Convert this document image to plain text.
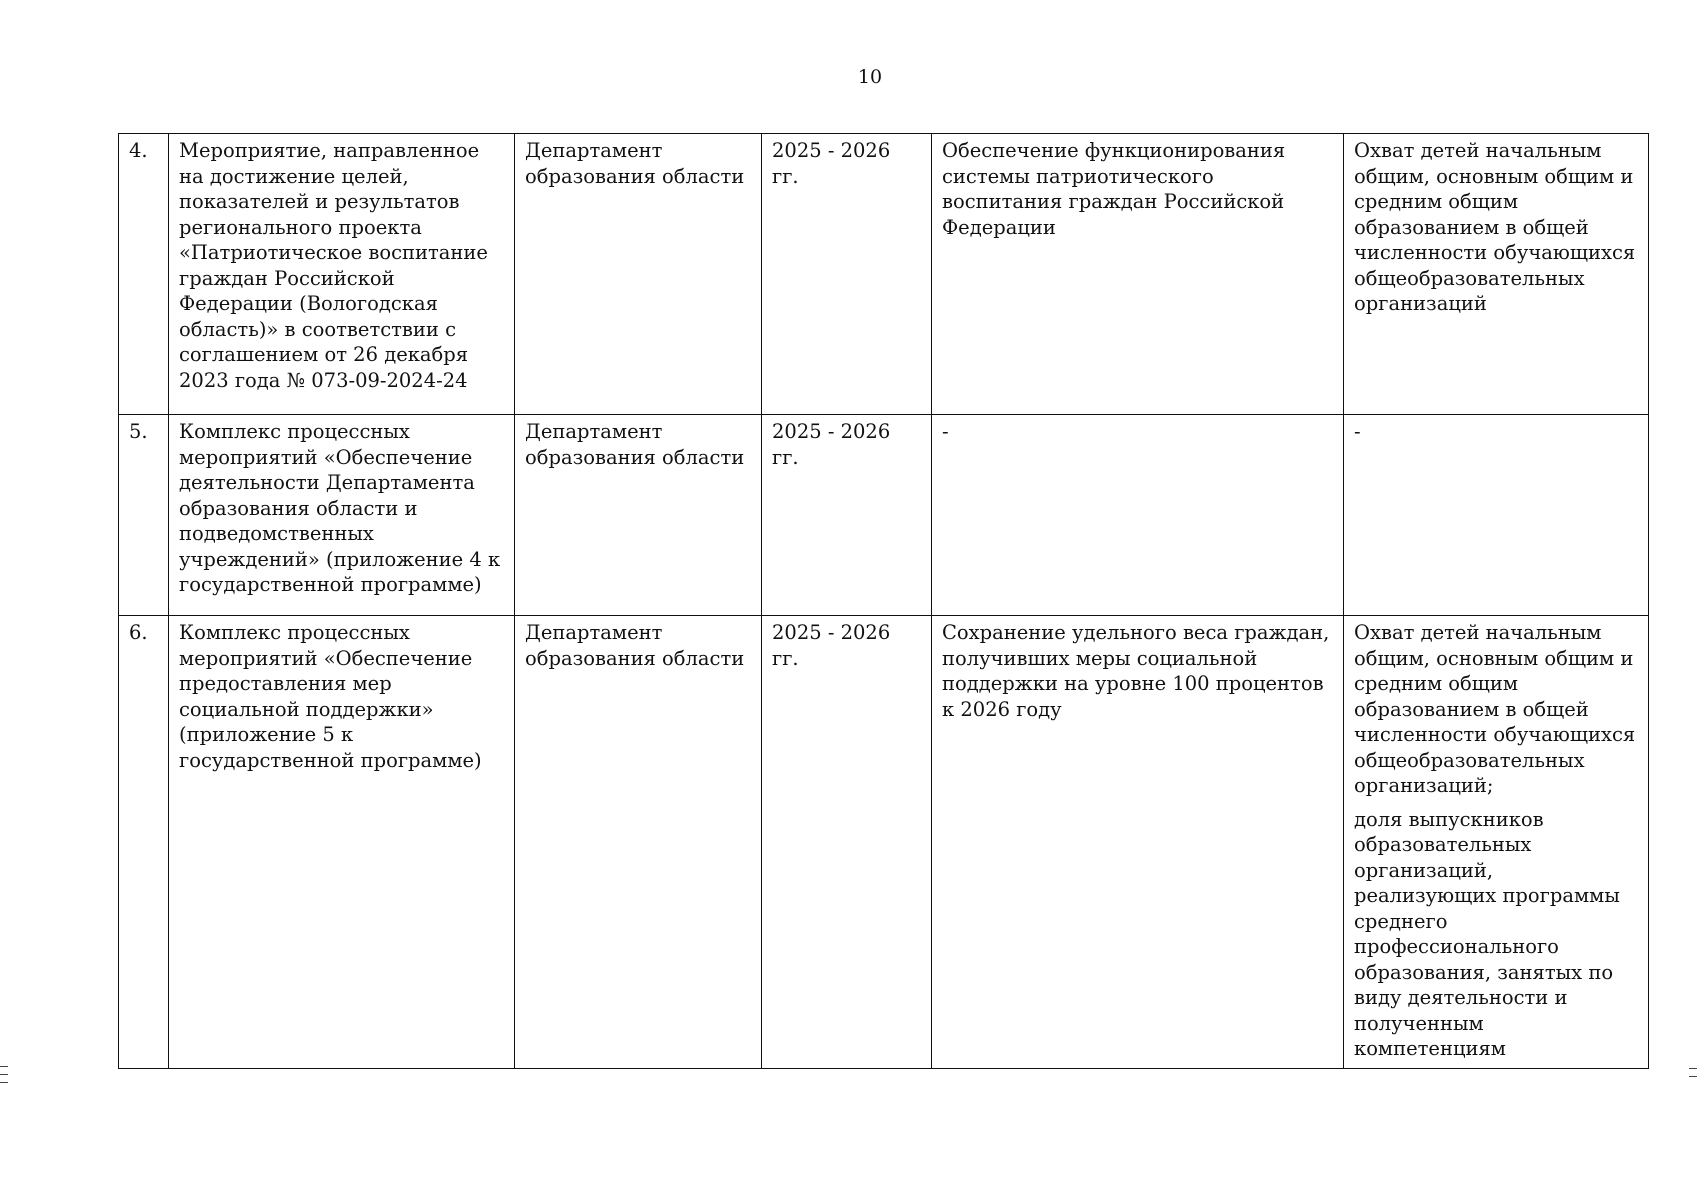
10
4.	Мероприятие, направленное на достижение целей, показателей и результатов регионального проекта «Патриотическое воспитание граждан Российской Федерации (Вологодская область)» в соответствии с соглашением от 26 декабря 2023 года № 073-09-2024-24	Департамент образования области	2025 - 2026 гг.	Обеспечение функционирования системы патриотического воспитания граждан Российской Федерации	Охват детей начальным общим, основным общим и средним общим образованием в общей численности обучающихся общеобразовательных организаций

5.	Комплекс процессных мероприятий «Обеспечение деятельности Департамента образования области и подведомственных учреждений» (приложение 4 к государственной программе)	Департамент образования области	2025 - 2026 гг.	-	-

6.	Комплекс процессных мероприятий «Обеспечение предоставления мер социальной поддержки» (приложение 5 к государственной программе)	Департамент образования области	2025 - 2026 гг.	Сохранение удельного веса граждан, получивших меры социальной поддержки на уровне 100 процентов к 2026 году	Охват детей начальным общим, основным общим и средним общим образованием в общей численности обучающихся общеобразовательных организаций;
доля выпускников образовательных организаций, реализующих программы среднего профессионального образования, занятых по виду деятельности и полученным компетенциям
